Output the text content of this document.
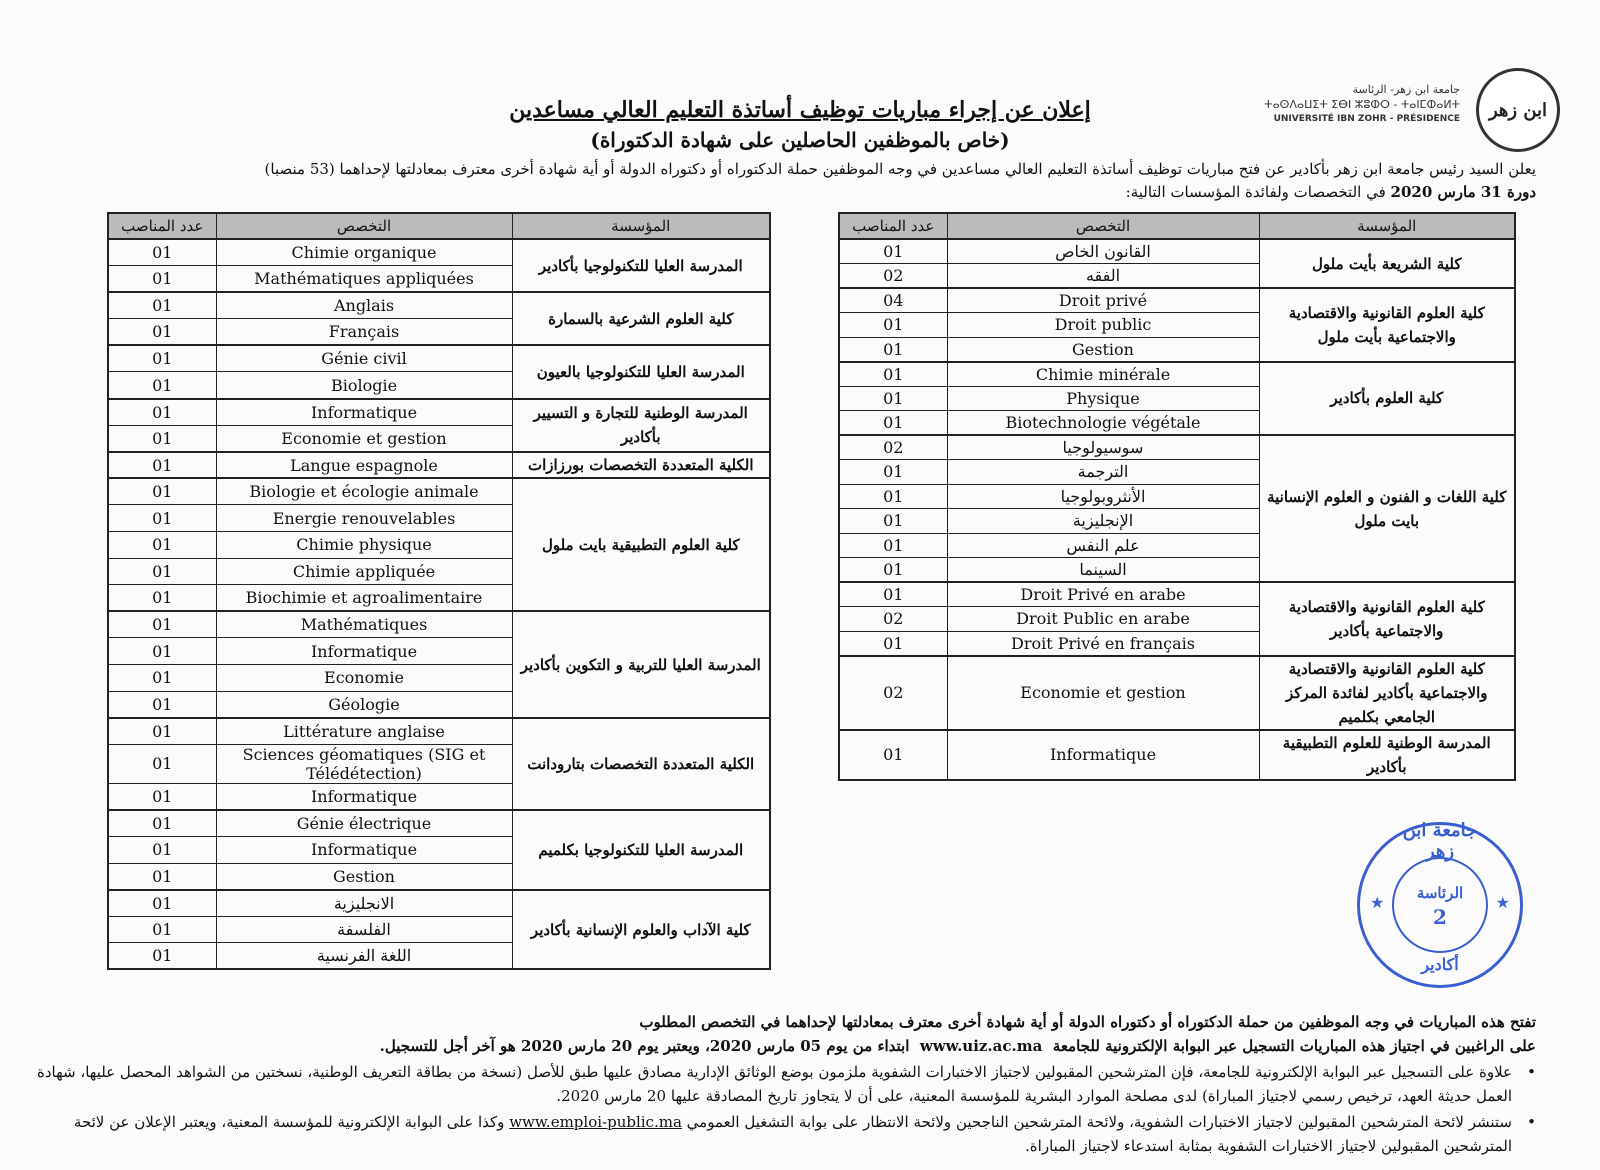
جامعة ابن زهر- الرئاسة
ⵜⴰⵙⴷⴰⵡⵉⵜ ⵉⴱⵏ ⵣⵓⵀⵔ - ⵜⴰⵏⵎⵀⴰⵍⵜ
UNIVERSITÉ IBN ZOHR - PRÉSIDENCE ابن زهر
إعلان عن إجراء مباريات توظيف أساتذة التعليم العالي مساعدين
(خاص بالموظفين الحاصلين على شهادة الدكتوراة)
يعلن السيد رئيس جامعة ابن زهر بأكادير عن فتح مباريات توظيف أساتذة التعليم العالي مساعدين في وجه الموظفين حملة الدكتوراه أو دكتوراه الدولة أو أية شهادة أخرى معترف بمعادلتها لإحداهما (53 منصبا)
دورة 31 مارس 2020 في التخصصات ولفائدة المؤسسات التالية:
عدد المناصب	التخصص	المؤسسة
01	القانون الخاص	كلية الشريعة بأيت ملول
02	الفقه	
04	Droit privé	كلية العلوم القانونية والاقتصادية والاجتماعية بأيت ملول
01	Droit public	
01	Gestion	
01	Chimie minérale	كلية العلوم بأكادير
01	Physique	
01	Biotechnologie végétale	
02	سوسيولوجيا	كلية اللغات و الفنون و العلوم الإنسانية بايت ملول
01	الترجمة	
01	الأنثروبولوجيا	
01	الإنجليزية	
01	علم النفس	
01	السينما	
01	Droit Privé en arabe	كلية العلوم القانونية والاقتصادية والاجتماعية بأكادير
02	Droit Public en arabe	
01	Droit Privé en français	
02	Economie et gestion	كلية العلوم القانونية والاقتصادية والاجتماعية بأكادير لفائدة المركز الجامعي بكلميم
01	Informatique	المدرسة الوطنية للعلوم التطبيقية بأكادير
عدد المناصب	التخصص	المؤسسة
01	Chimie organique	المدرسة العليا للتكنولوجيا بأكادير
01	Mathématiques appliquées	
01	Anglais	كلية العلوم الشرعية بالسمارة
01	Français	
01	Génie civil	المدرسة العليا للتكنولوجيا بالعيون
01	Biologie	
01	Informatique	المدرسة الوطنية للتجارة و التسيير بأكادير
01	Economie et gestion	
01	Langue espagnole	الكلية المتعددة التخصصات بورزازات
01	Biologie et écologie animale	كلية العلوم التطبيقية بايت ملول
01	Energie renouvelables	
01	Chimie physique	
01	Chimie appliquée	
01	Biochimie et agroalimentaire	
01	Mathématiques	المدرسة العليا للتربية و التكوين بأكادير
01	Informatique	
01	Economie	
01	Géologie	
01	Littérature anglaise	الكلية المتعددة التخصصات بتارودانت
01	Sciences géomatiques (SIG et Télédétection)	
01	Informatique	
01	Génie électrique	المدرسة العليا للتكنولوجيا بكلميم
01	Informatique	
01	Gestion	
01	الانجليزية	كلية الآداب والعلوم الإنسانية بأكادير
01	الفلسفة	
01	اللغة الفرنسية	
★ الرئاسة
2
★
جامعة ابن زهر
أكادير
تفتح هذه المباريات في وجه الموظفين من حملة الدكتوراه أو دكتوراه الدولة أو أية شهادة أخرى معترف بمعادلتها لإحداهما في التخصص المطلوب
على الراغبين في اجتياز هذه المباريات التسجيل عبر البوابة الإلكترونية للجامعة  www.uiz.ac.ma  ابتداء من يوم 05 مارس 2020، ويعتبر يوم 20 مارس 2020 هو آخر أجل للتسجيل.
• علاوة على التسجيل عبر البوابة الإلكترونية للجامعة، فإن المترشحين المقبولين لاجتياز الاختبارات الشفوية ملزمون بوضع الوثائق الإدارية مصادق عليها طبق للأصل (نسخة من بطاقة التعريف الوطنية، نسختين من الشواهد المحصل عليها، شهادة العمل حديثة العهد، ترخيص رسمي لاجتياز المباراة) لدى مصلحة الموارد البشرية للمؤسسة المعنية، على أن لا يتجاوز تاريخ المصادقة عليها 20 مارس 2020.
• ستنشر لائحة المترشحين المقبولين لاجتياز الاختبارات الشفوية، ولائحة المترشحين الناجحين ولائحة الانتظار على بوابة التشغيل العمومي www.emploi-public.ma وكذا على البوابة الإلكترونية للمؤسسة المعنية، ويعتبر الإعلان عن لائحة المترشحين المقبولين لاجتياز الاختبارات الشفوية بمثابة استدعاء لاجتياز المباراة.
